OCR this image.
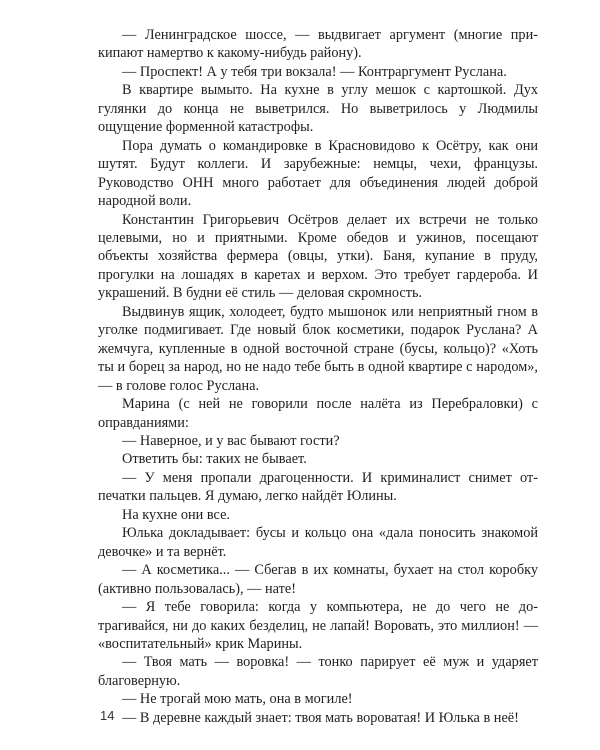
— Ленинградское шоссе, — выдвигает аргумент (многие прикипают намертво к какому-нибудь району).

— Проспект! А у тебя три вокзала! — Контраргумент Руслана.

В квартире вымыто. На кухне в углу мешок с картошкой. Дух гулянки до конца не выветрился. Но выветрилось у Людмилы ощущение форменной катастрофы.

Пора думать о командировке в Красновидово к Осётру, как они шутят. Будут коллеги. И зарубежные: немцы, чехи, французы. Руководство ОНН много работает для объединения людей доброй народной воли.

Константин Григорьевич Осётров делает их встречи не только целевыми, но и приятными. Кроме обедов и ужинов, посещают объекты хозяйства фермера (овцы, утки). Баня, купание в пруду, прогулки на лошадях в каретах и верхом. Это требует гардероба. И украшений. В будни её стиль — деловая скромность.

Выдвинув ящик, холодеет, будто мышонок или неприятный гном в уголке подмигивает. Где новый блок косметики, подарок Руслана? А жемчуга, купленные в одной восточной стране (бусы, кольцо)? «Хоть ты и борец за народ, но не надо тебе быть в одной квартире с народом», — в голове голос Руслана.

Марина (с ней не говорили после налёта из Перебраловки) с оправданиями:

— Наверное, и у вас бывают гости?

Ответить бы: таких не бывает.

— У меня пропали драгоценности. И криминалист снимет отпечатки пальцев. Я думаю, легко найдёт Юлины.

На кухне они все.

Юлька докладывает: бусы и кольцо она «дала поносить знакомой девочке» и та вернёт.

— А косметика... — Сбегав в их комнаты, бухает на стол коробку (активно пользовалась), — нате!

— Я тебе говорила: когда у компьютера, не до чего не дотрагивайся, ни до каких безделиц, не лапай! Воровать, это миллион! — «воспитательный» крик Марины.

— Твоя мать — воровка! — тонко парирует её муж и ударяет благоверную.

— Не трогай мою мать, она в могиле!

— В деревне каждый знает: твоя мать вороватая! И Юлька в неё!

14
